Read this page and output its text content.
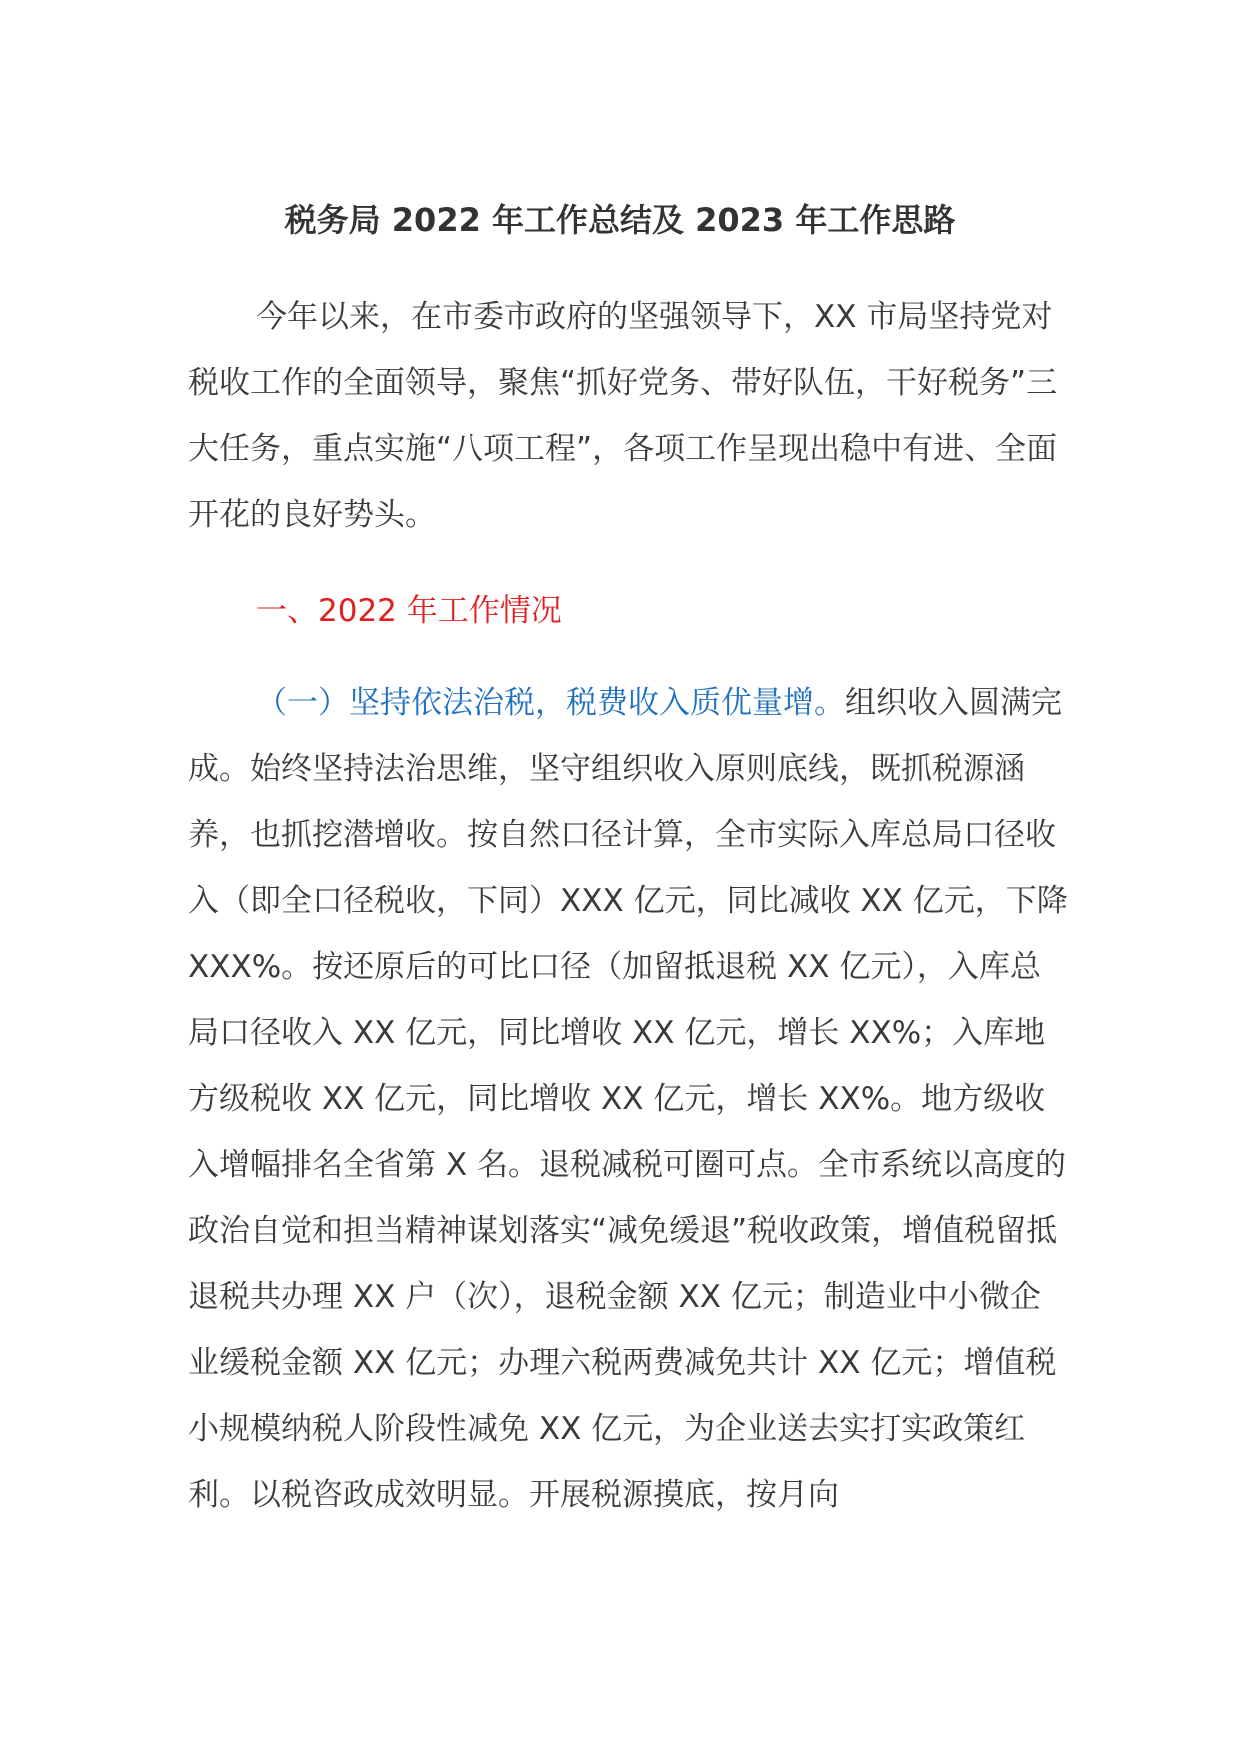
税务局 2022 年工作总结及 2023 年工作思路

今年以来，在市委市政府的坚强领导下，XX 市局坚持党对税收工作的全面领导，聚焦“抓好党务、带好队伍，干好税务”三大任务，重点实施“八项工程”，各项工作呈现出稳中有进、全面开花的良好势头。

一、2022 年工作情况

（一）坚持依法治税，税费收入质优量增。组织收入圆满完成。始终坚持法治思维，坚守组织收入原则底线，既抓税源涵养，也抓挖潜增收。按自然口径计算，全市实际入库总局口径收入（即全口径税收，下同）XXX 亿元，同比减收 XX 亿元，下降 XXX%。按还原后的可比口径（加留抵退税 XX 亿元），入库总局口径收入 XX 亿元，同比增收 XX 亿元，增长 XX%；入库地方级税收 XX 亿元，同比增收 XX 亿元，增长 XX%。地方级收入增幅排名全省第 X 名。退税减税可圈可点。全市系统以高度的政治自觉和担当精神谋划落实“减免缓退”税收政策，增值税留抵退税共办理 XX 户（次），退税金额 XX 亿元；制造业中小微企业缓税金额 XX 亿元；办理六税两费减免共计 XX 亿元；增值税小规模纳税人阶段性减免 XX 亿元，为企业送去实打实政策红利。以税咨政成效明显。开展税源摸底，按月向
